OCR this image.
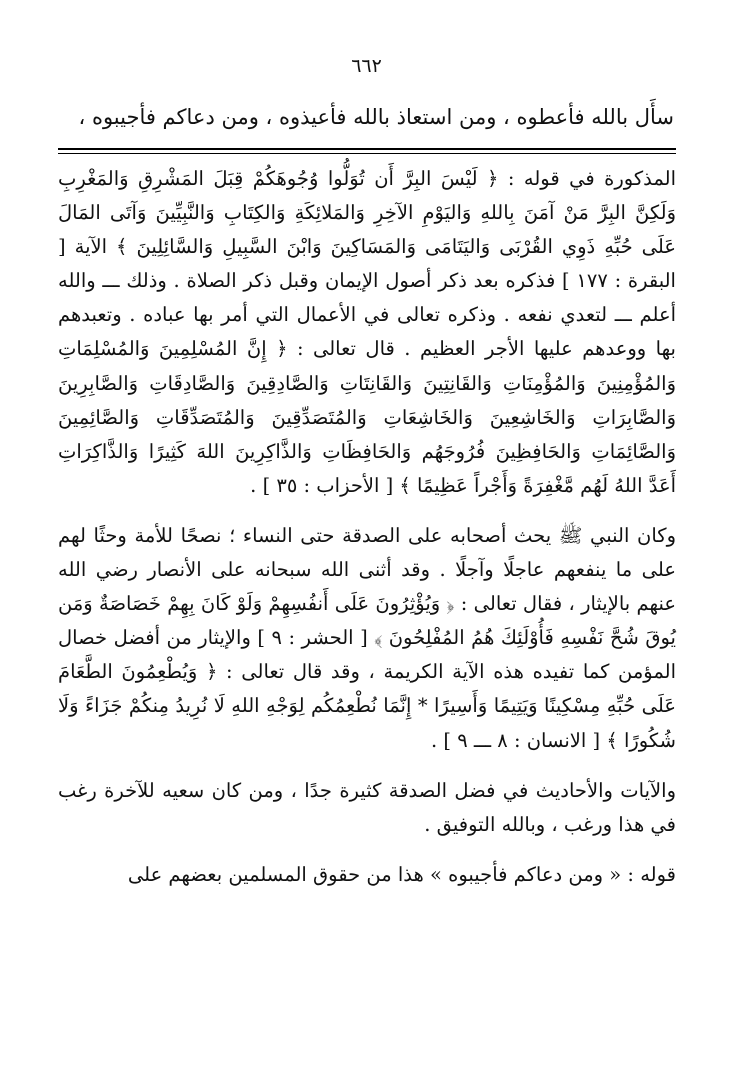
٦٦٢
سأَل بالله فأعطوه ، ومن استعاذ بالله فأعيذوه ، ومن دعاكم فأجيبوه ،

المذكورة في قوله : ﴿ لَيْسَ البِرَّ أَن تُوَلُّوا وُجُوهَكُمْ قِبَلَ المَشْرِقِ وَالمَغْرِبِ وَلَكِنَّ البِرَّ مَنْ آمَنَ بِاللهِ وَاليَوْمِ الآخِرِ وَالمَلائِكَةِ وَالكِتَابِ وَالنَّبِيِّينَ وَآتَى المَالَ عَلَى حُبِّهِ ذَوِي القُرْبَى وَاليَتَامَى وَالمَسَاكِينَ وَابْنَ السَّبِيلِ وَالسَّائِلِينَ ﴾ الآية [ البقرة : ١٧٧ ] فذكره بعد ذكر أصول الإيمان وقبل ذكر الصلاة . وذلك ـــ والله أعلم ـــ لتعدي نفعه . وذكره تعالى في الأعمال التي أمر بها عباده . وتعبدهم بها ووعدهم عليها الأجر العظيم . قال تعالى : ﴿ إِنَّ المُسْلِمِينَ وَالمُسْلِمَاتِ وَالمُؤْمِنِينَ وَالمُؤْمِنَاتِ وَالقَانِتِينَ وَالقَانِتَاتِ وَالصَّادِقِينَ وَالصَّادِقَاتِ وَالصَّابِرِينَ وَالصَّابِرَاتِ وَالخَاشِعِينَ وَالخَاشِعَاتِ وَالمُتَصَدِّقِينَ وَالمُتَصَدِّقَاتِ وَالصَّائِمِينَ وَالصَّائِمَاتِ وَالحَافِظِينَ فُرُوجَهُم وَالحَافِظَاتِ وَالذَّاكِرِينَ اللهَ كَثِيرًا وَالذَّاكِرَاتِ أَعَدَّ اللهُ لَهُم مَّغْفِرَةً وَأَجْراً عَظِيمًا ﴾ [ الأحزاب : ٣٥ ] .

وكان النبي ﷺ يحث أصحابه على الصدقة حتى النساء ؛ نصحًا للأمة وحثًا لهم على ما ينفعهم عاجلًا وآجلًا . وقد أثنى الله سبحانه على الأنصار رضي الله عنهم بالإيثار ، فقال تعالى : ﴿ وَيُؤْثِرُونَ عَلَى أَنفُسِهِمْ وَلَوْ كَانَ بِهِمْ خَصَاصَةٌ وَمَن يُوقَ شُحَّ نَفْسِهِ فَأُوْلَئِكَ هُمُ المُفْلِحُونَ ﴾ [ الحشر : ٩ ] والإيثار من أفضل خصال المؤمن كما تفيده هذه الآية الكريمة ، وقد قال تعالى : ﴿ وَيُطْعِمُونَ الطَّعَامَ عَلَى حُبِّهِ مِسْكِينًا وَيَتِيمًا وَأَسِيرًا * إِنَّمَا نُطْعِمُكُم لِوَجْهِ اللهِ لَا نُرِيدُ مِنكُمْ جَزَاءً وَلَا شُكُورًا ﴾ [ الانسان : ٨ ـــ ٩ ] .

والآيات والأحاديث في فضل الصدقة كثيرة جدًا ، ومن كان سعيه للآخرة رغب في هذا ورغب ، وبالله التوفيق .

قوله : « ومن دعاكم فأجيبوه » هذا من حقوق المسلمين بعضهم على
